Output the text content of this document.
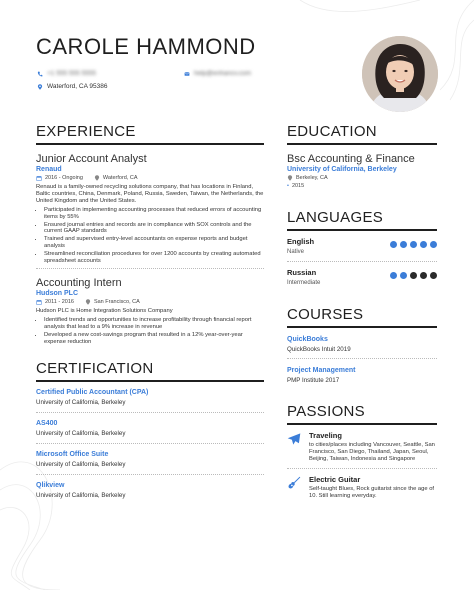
CAROLE HAMMOND
+1 555 555 5555	help@enhancv.com
Waterford, CA 95386
EXPERIENCE
Junior Account Analyst
Renaud
2016 - Ongoing	Waterford, CA
Renaud is a family-owned recycling solutions company, that has locations in Finland, Baltic countries, China, Denmark, Poland, Russia, Sweden, Taiwan, the Netherlands, the United Kingdom and the United States.
• Participated in implementing accounting processes that reduced errors of accounting items by 55%
• Ensured journal entries and records are in compliance with SOX controls and the current GAAP standards
• Trained and supervised entry-level accountants on expense reports and budget analysis
• Streamlined reconciliation procedures for over 1200 accounts by creating automated spreadsheet accounts
Accounting Intern
Hudson PLC
2011 - 2016	San Francisco, CA
Hudson PLC is Home Integration Solutions Company
• Identified trends and opportunities to increase profitability through financial report analysis that lead to a 9% increase in revenue
• Developed a new cost-savings program that resulted in a 12% year-over-year expense reduction
CERTIFICATION
Certified Public Accountant (CPA)
University of California, Berkeley
AS400
University of California, Berkeley
Microsoft Office Suite
University of California, Berkeley
Qlikview
University of California, Berkeley
EDUCATION
Bsc Accounting & Finance
University of California, Berkeley
Berkeley, CA
• 2015
LANGUAGES
English
Native
Russian
Intermediate
COURSES
QuickBooks
QuickBooks Intuit 2019
Project Management
PMP Institute 2017
PASSIONS
Traveling
to cities/places including Vancouver, Seattle, San Francisco, San Diego, Thailand, Japan, Seoul, Beijing, Taiwan, Indonesia and Singapore
Electric Guitar
Self-taught Blues, Rock guitarist since the age of 10. Still learning everyday.
